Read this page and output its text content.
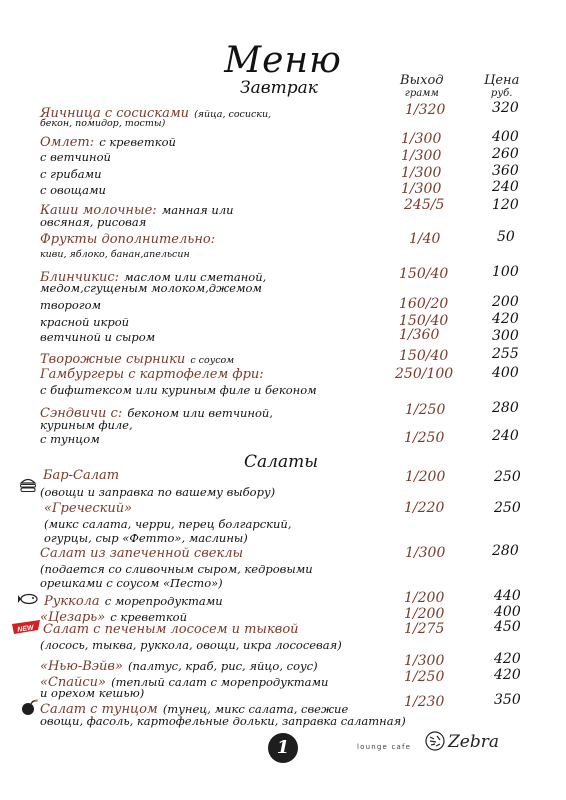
Меню
Завтрак	Выход
грамм
Цена
руб.
Яичница с сосисками (яйца, сосиски,	1/320	320
бекон, помидор, тосты)
Омлет: с креветкой	1/300	400
с ветчиной	1/300	260
с грибами	1/300	360
с овощами	1/300	240
Каши молочные: манная или	245/5	120
овсяная, рисовая
Фрукты дополнительно:	1/40	50
киви, яблоко, банан,апельсин
Блинчикис: маслом или сметаной,	150/40	100
медом,сгущеным молоком,джемом
творогом	160/20	200
красной икрой	150/40	420
ветчиной и сыром	1/360	300
Творожные сырники с соусом	150/40	255
Гамбургеры с картофелем фри:	250/100	400
с бифштексом или куриным филе и беконом
Сэндвичи с: беконом или ветчиной,	1/250	280
куриным филе,
с тунцом	1/250	240
Салаты
Бар-Салат	1/200	250
(овощи и заправка по вашему выбору)
«Греческий»	1/220	250
(микс салата, черри, перец болгарский,
огурцы, сыр «Фетто», маслины)
Салат из запеченной свеклы	1/300	280
(подается со сливочным сыром, кедровыми
орешками с соусом «Песто»)
Руккола с морепродуктами	1/200	440
«Цезарь» с креветкой	1/200	400
NEW Салат с печеным лососем и тыквой	1/275	450
(лосось, тыква, руккола, овощи, икра лососевая)
«Нью-Вэйв» (палтус, краб, рис, яйцо, соус)	1/300	420
«Спайси» (теплый салат с морепродуктами	1/250	420
и орехом кешью)
Салат с тунцом (тунец, микс салата, свежие	1/230	350
овощи, фасоль, картофельные дольки, заправка салатная)
1	lounge cafe Zebra
